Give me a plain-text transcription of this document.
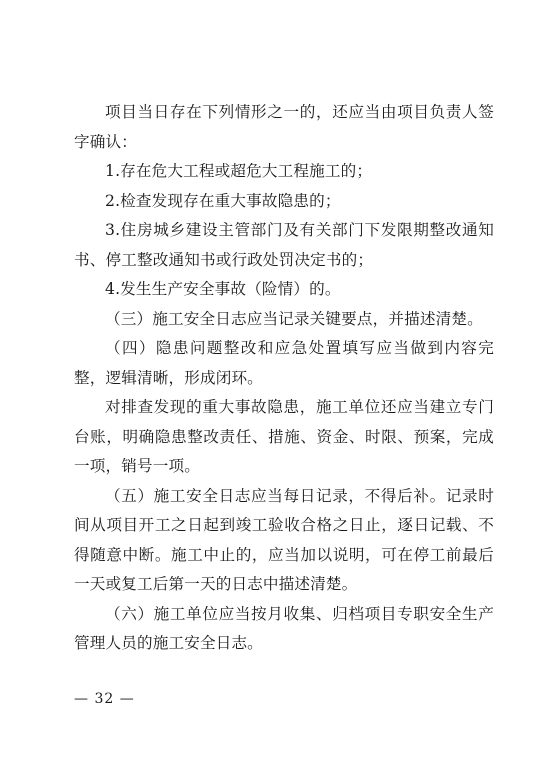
项目当日存在下列情形之一的，还应当由项目负责人签字确认：

1.存在危大工程或超危大工程施工的；

2.检查发现存在重大事故隐患的；

3.住房城乡建设主管部门及有关部门下发限期整改通知书、停工整改通知书或行政处罚决定书的；

4.发生生产安全事故（险情）的。

（三）施工安全日志应当记录关键要点，并描述清楚。

（四）隐患问题整改和应急处置填写应当做到内容完整，逻辑清晰，形成闭环。

对排查发现的重大事故隐患，施工单位还应当建立专门台账，明确隐患整改责任、措施、资金、时限、预案，完成一项，销号一项。

（五）施工安全日志应当每日记录，不得后补。记录时间从项目开工之日起到竣工验收合格之日止，逐日记载、不得随意中断。施工中止的，应当加以说明，可在停工前最后一天或复工后第一天的日志中描述清楚。

（六）施工单位应当按月收集、归档项目专职安全生产管理人员的施工安全日志。

— 32 —
